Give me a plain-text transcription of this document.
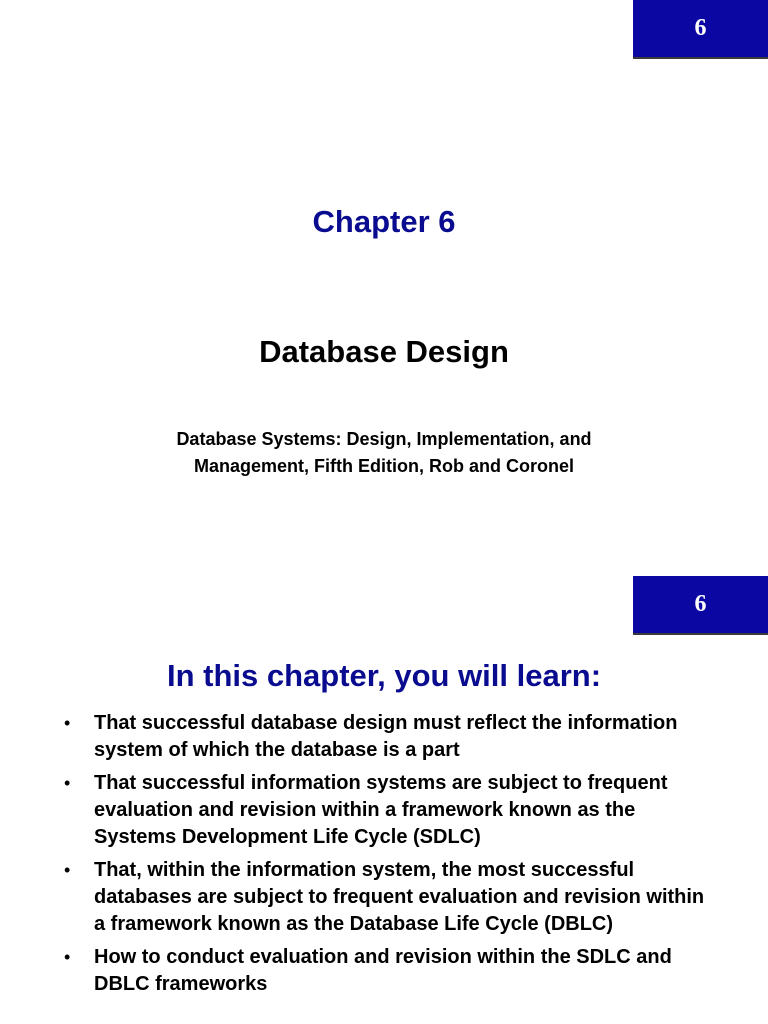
6
Chapter 6
Database Design
Database Systems: Design, Implementation, and
Management, Fifth Edition, Rob and Coronel
6
In this chapter, you will learn:
• That successful database design must reflect the information system of which the database is a part
• That successful information systems are subject to frequent evaluation and revision within a framework known as the Systems Development Life Cycle (SDLC)
• That, within the information system, the most successful databases are subject to frequent evaluation and revision within a framework known as the Database Life Cycle (DBLC)
• How to conduct evaluation and revision within the SDLC and DBLC frameworks
